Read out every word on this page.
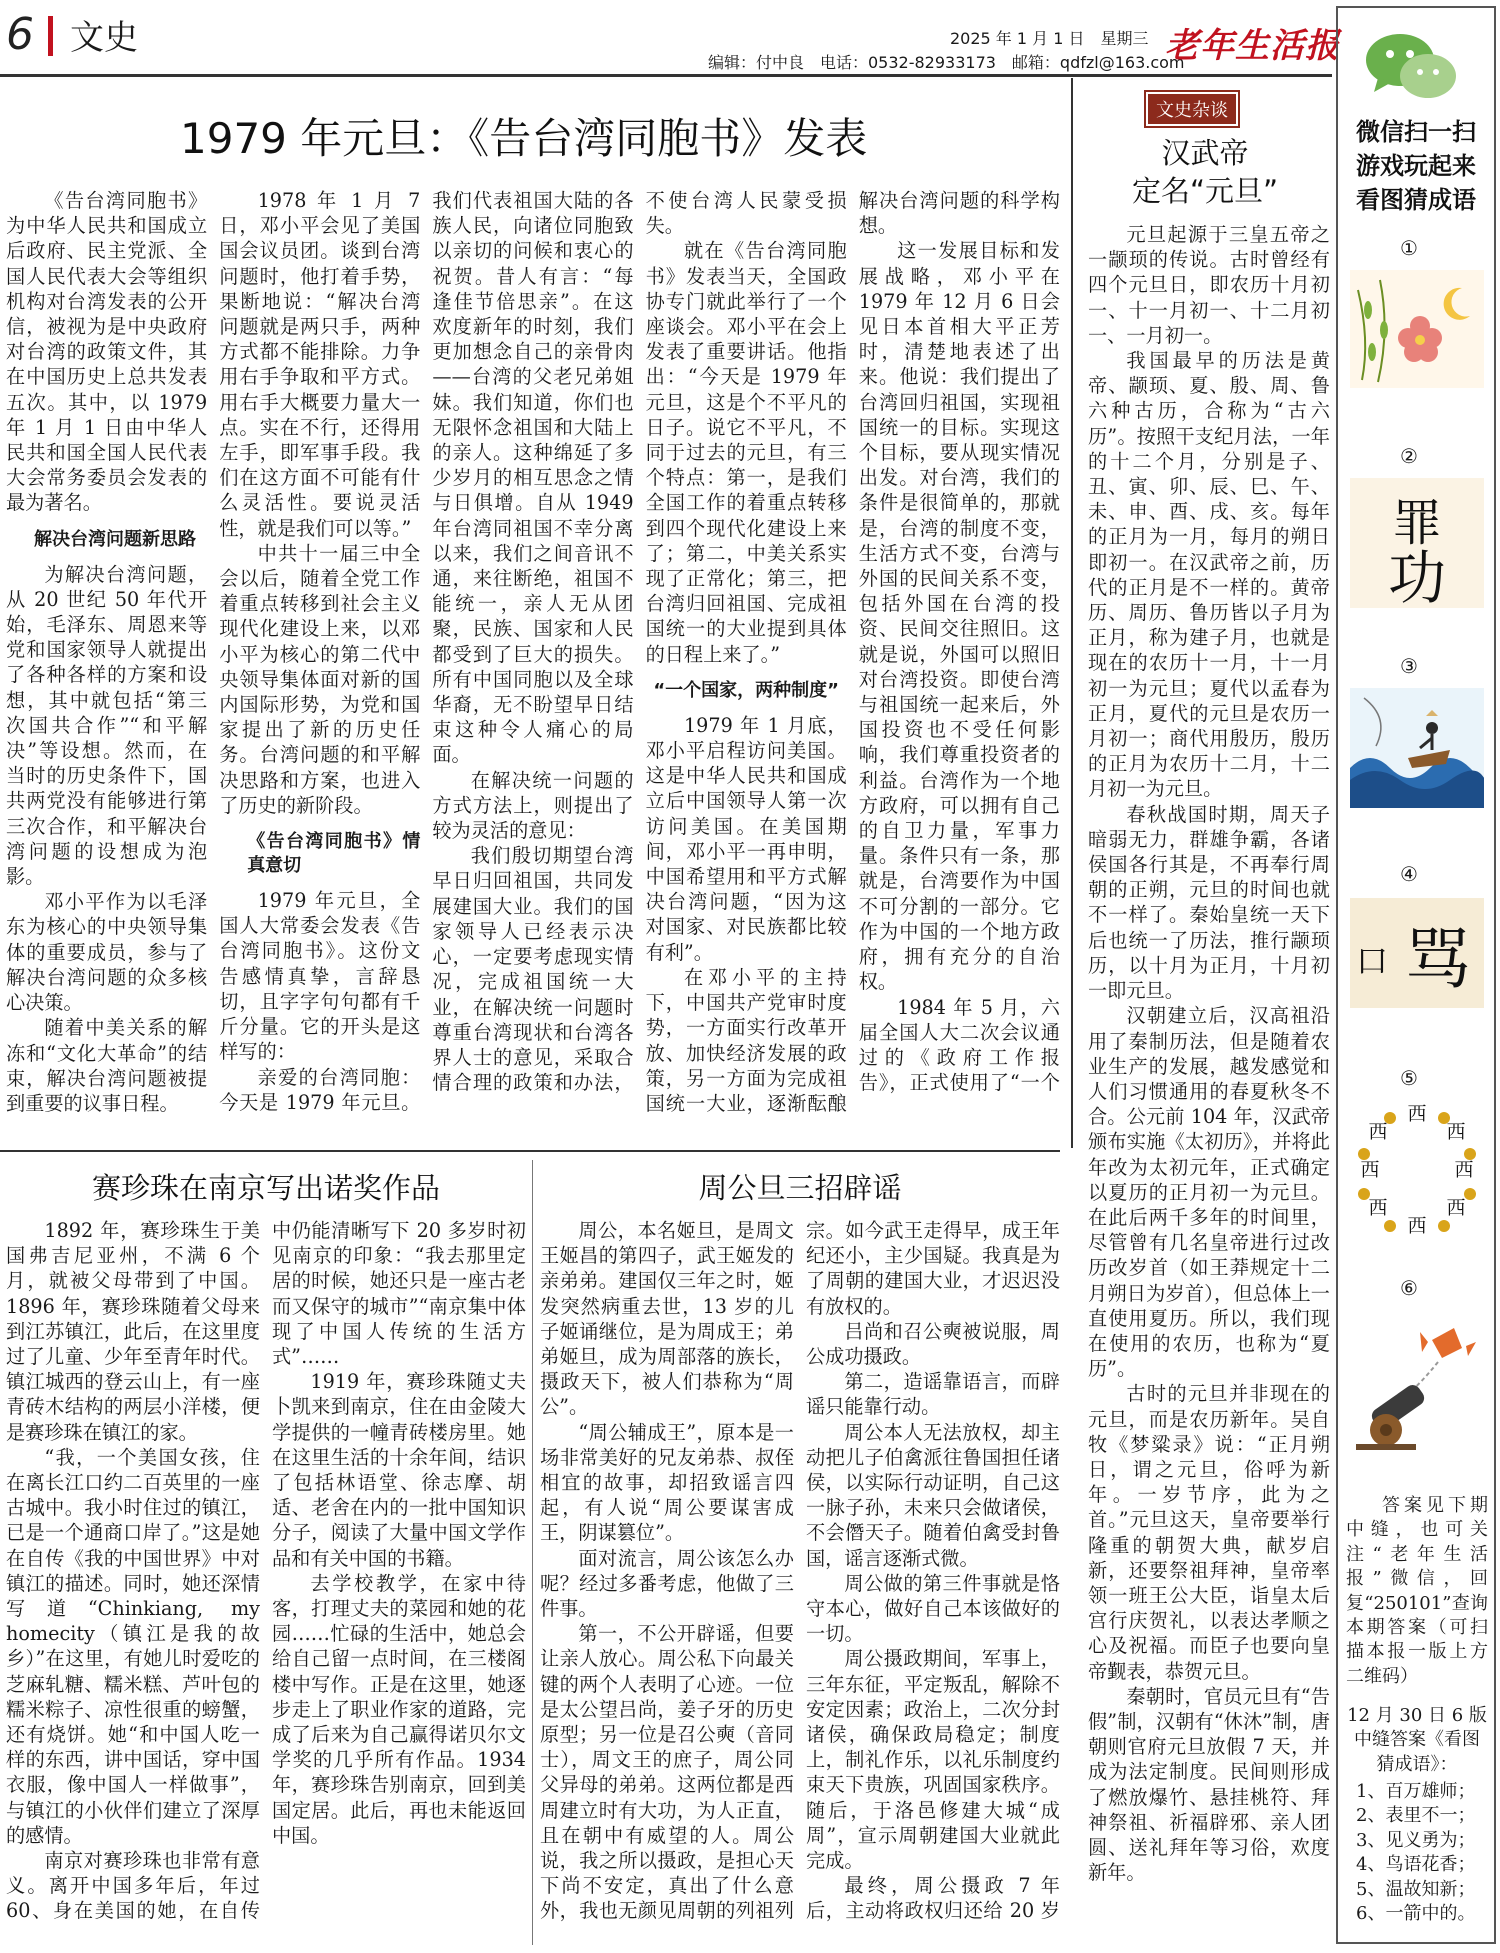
6 文史	2025 年 1 月 1 日　星期三
编辑：付中良　电话：0532-82933173　邮箱：qdfzl@163.com
老年生活报
1979 年元旦：《告台湾同胞书》发表

《告台湾同胞书》为中华人民共和国成立后政府、民主党派、全国人民代表大会等组织机构对台湾发表的公开信，被视为是中央政府对台湾的政策文件，其在中国历史上总共发表五次。其中，以 1979 年 1 月 1 日由中华人民共和国全国人民代表大会常务委员会发表的最为著名。

解决台湾问题新思路

为解决台湾问题，从 20 世纪 50 年代开始，毛泽东、周恩来等党和国家领导人就提出了各种各样的方案和设想，其中就包括“第三次国共合作”“和平解决”等设想。然而，在当时的历史条件下，国共两党没有能够进行第三次合作，和平解决台湾问题的设想成为泡影。

邓小平作为以毛泽东为核心的中央领导集体的重要成员，参与了解决台湾问题的众多核心决策。

随着中美关系的解冻和“文化大革命”的结束，解决台湾问题被提到重要的议事日程。

1978 年 1 月 7 日，邓小平会见了美国国会议员团。谈到台湾问题时，他打着手势，果断地说：“解决台湾问题就是两只手，两种方式都不能排除。力争用右手争取和平方式。用右手大概要力量大一点。实在不行，还得用左手，即军事手段。我们在这方面不可能有什么灵活性。要说灵活性，就是我们可以等。”

中共十一届三中全会以后，随着全党工作着重点转移到社会主义现代化建设上来，以邓小平为核心的第二代中央领导集体面对新的国内国际形势，为党和国家提出了新的历史任务。台湾问题的和平解决思路和方案，也进入了历史的新阶段。

《告台湾同胞书》情真意切

1979 年元旦，全国人大常委会发表《告台湾同胞书》。这份文告感情真挚，言辞恳切，且字字句句都有千斤分量。它的开头是这样写的：

亲爱的台湾同胞：今天是 1979 年元旦。我们代表祖国大陆的各族人民，向诸位同胞致以亲切的问候和衷心的祝贺。昔人有言：“每逢佳节倍思亲”。在这欢度新年的时刻，我们更加想念自己的亲骨肉——台湾的父老兄弟姐妹。我们知道，你们也无限怀念祖国和大陆上的亲人。这种绵延了多少岁月的相互思念之情与日俱增。自从 1949 年台湾同祖国不幸分离以来，我们之间音讯不通，来往断绝，祖国不能统一，亲人无从团聚，民族、国家和人民都受到了巨大的损失。所有中国同胞以及全球华裔，无不盼望早日结束这种令人痛心的局面。

在解决统一问题的方式方法上，则提出了较为灵活的意见：

我们殷切期望台湾早日归回祖国，共同发展建国大业。我们的国家领导人已经表示决心，一定要考虑现实情况，完成祖国统一大业，在解决统一问题时尊重台湾现状和台湾各界人士的意见，采取合情合理的政策和办法，不使台湾人民蒙受损失。

就在《告台湾同胞书》发表当天，全国政协专门就此举行了一个座谈会。邓小平在会上发表了重要讲话。他指出：“今天是 1979 年元旦，这是个不平凡的日子。说它不平凡，不同于过去的元旦，有三个特点：第一，是我们全国工作的着重点转移到四个现代化建设上来了；第二，中美关系实现了正常化；第三，把台湾归回祖国、完成祖国统一的大业提到具体的日程上来了。”

“一个国家，两种制度”

1979 年 1 月底，邓小平启程访问美国。这是中华人民共和国成立后中国领导人第一次访问美国。在美国期间，邓小平一再申明，中国希望用和平方式解决台湾问题，“因为这对国家、对民族都比较有利”。

在邓小平的主持下，中国共产党审时度势，一方面实行改革开放、加快经济发展的政策，另一方面为完成祖国统一大业，逐渐酝酿解决台湾问题的科学构想。

这一发展目标和发展战略，邓小平在 1979 年 12 月 6 日会见日本首相大平正芳时，清楚地表述了出来。他说：我们提出了台湾回归祖国，实现祖国统一的目标。实现这个目标，要从现实情况出发。对台湾，我们的条件是很简单的，那就是，台湾的制度不变，生活方式不变，台湾与外国的民间关系不变，包括外国在台湾的投资、民间交往照旧。这就是说，外国可以照旧对台湾投资。即使台湾与祖国统一起来后，外国投资也不受任何影响，我们尊重投资者的利益。台湾作为一个地方政府，可以拥有自己的自卫力量，军事力量。条件只有一条，那就是，台湾要作为中国不可分割的一部分。它作为中国的一个地方政府，拥有充分的自治权。

1984 年 5 月，六届全国人大二次会议通过的《政府工作报告》，正式使用了“一个

文史杂谈
汉武帝
定名“元旦”

元旦起源于三皇五帝之一颛顼的传说。古时曾经有四个元旦日，即农历十月初一、十一月初一、十二月初一、一月初一。

我国最早的历法是黄帝、颛顼、夏、殷、周、鲁六种古历，合称为“古六历”。按照干支纪月法，一年的十二个月，分别是子、丑、寅、卯、辰、巳、午、未、申、酉、戌、亥。每年的正月为一月，每月的朔日即初一。在汉武帝之前，历代的正月是不一样的。黄帝历、周历、鲁历皆以子月为正月，称为建子月，也就是现在的农历十一月，十一月初一为元旦；夏代以孟春为正月，夏代的元旦是农历一月初一；商代用殷历，殷历的正月为农历十二月，十二月初一为元旦。

春秋战国时期，周天子暗弱无力，群雄争霸，各诸侯国各行其是，不再奉行周朝的正朔，元旦的时间也就不一样了。秦始皇统一天下后也统一了历法，推行颛顼历，以十月为正月，十月初一即元旦。

汉朝建立后，汉高祖沿用了秦制历法，但是随着农业生产的发展，越发感觉和人们习惯通用的春夏秋冬不合。公元前 104 年，汉武帝颁布实施《太初历》，并将此年改为太初元年，正式确定以夏历的正月初一为元旦。在此后两千多年的时间里，尽管曾有几名皇帝进行过改历改岁首（如王莽规定十二月朔日为岁首），但总体上一直使用夏历。所以，我们现在使用的农历，也称为“夏历”。

古时的元旦并非现在的元旦，而是农历新年。吴自牧《梦粱录》说：“正月朔日，谓之元旦，俗呼为新年。一岁节序，此为之首。”元旦这天，皇帝要举行隆重的朝贺大典，献岁启新，还要祭祖拜神，皇帝率领一班王公大臣，诣皇太后宫行庆贺礼，以表达孝顺之心及祝福。而臣子也要向皇帝觐表，恭贺元旦。

秦朝时，官员元旦有“告假”制，汉朝有“休沐”制，唐朝则官府元旦放假 7 天，并成为法定制度。民间则形成了燃放爆竹、悬挂桃符、拜神祭祖、祈福辟邪、亲人团圆、送礼拜年等习俗，欢度新年。

微信扫一扫
游戏玩起来
看图猜成语
①
②
罪
功
③
④
口 骂
⑤
西
西	西
西	西
西	西
西
⑥
答案见下期中缝，也可关注“老年生活报”微信，回复“250101”查询本期答案（可扫描本报一版上方二维码）
12 月 30 日 6 版中缝答案《看图猜成语》：
1、百万雄师；
2、表里不一；
3、见义勇为；
4、鸟语花香；
5、温故知新；
6、一箭中的。
赛珍珠在南京写出诺奖作品

1892 年，赛珍珠生于美国弗吉尼亚州，不满 6 个月，就被父母带到了中国。1896 年，赛珍珠随着父母来到江苏镇江，此后，在这里度过了儿童、少年至青年时代。镇江城西的登云山上，有一座青砖木结构的两层小洋楼，便是赛珍珠在镇江的家。

“我，一个美国女孩，住在离长江口约二百英里的一座古城中。我小时住过的镇江，已是一个通商口岸了。”这是她在自传《我的中国世界》中对镇江的描述。同时，她还深情写道“Chinkiang, my homecity（镇江是我的故乡）”在这里，有她儿时爱吃的芝麻轧糖、糯米糕、芦叶包的糯米粽子、凉性很重的螃蟹，还有烧饼。她“和中国人吃一样的东西，讲中国话，穿中国衣服，像中国人一样做事”，与镇江的小伙伴们建立了深厚的感情。

南京对赛珍珠也非常有意义。离开中国多年后，年过 60、身在美国的她，在自传中仍能清晰写下 20 多岁时初见南京的印象：“我去那里定居的时候，她还只是一座古老而又保守的城市”“南京集中体现了中国人传统的生活方式”……

1919 年，赛珍珠随丈夫卜凯来到南京，住在由金陵大学提供的一幢青砖楼房里。她在这里生活的十余年间，结识了包括林语堂、徐志摩、胡适、老舍在内的一批中国知识分子，阅读了大量中国文学作品和有关中国的书籍。

去学校教学，在家中待客，打理丈夫的菜园和她的花园……忙碌的生活中，她总会给自己留一点时间，在三楼阁楼中写作。正是在这里，她逐步走上了职业作家的道路，完成了后来为自己赢得诺贝尔文学奖的几乎所有作品。1934 年，赛珍珠告别南京，回到美国定居。此后，再也未能返回中国。

周公旦三招辟谣

周公，本名姬旦，是周文王姬昌的第四子，武王姬发的亲弟弟。建国仅三年之时，姬发突然病重去世，13 岁的儿子姬诵继位，是为周成王；弟弟姬旦，成为周部落的族长，摄政天下，被人们恭称为“周公”。

“周公辅成王”，原本是一场非常美好的兄友弟恭、叔侄相宜的故事，却招致谣言四起，有人说“周公要谋害成王，阴谋篡位”。

面对流言，周公该怎么办呢？经过多番考虑，他做了三件事。

第一，不公开辟谣，但要让亲人放心。周公私下向最关键的两个人表明了心迹。一位是太公望吕尚，姜子牙的历史原型；另一位是召公奭（音同士），周文王的庶子，周公同父异母的弟弟。这两位都是西周建立时有大功，为人正直，且在朝中有威望的人。周公说，我之所以摄政，是担心天下尚不安定，真出了什么意外，我也无颜见周朝的列祖列宗。如今武王走得早，成王年纪还小，主少国疑。我真是为了周朝的建国大业，才迟迟没有放权的。

吕尚和召公奭被说服，周公成功摄政。

第二，造谣靠语言，而辟谣只能靠行动。

周公本人无法放权，却主动把儿子伯禽派往鲁国担任诸侯，以实际行动证明，自己这一脉子孙，未来只会做诸侯，不会僭天子。随着伯禽受封鲁国，谣言逐渐式微。

周公做的第三件事就是恪守本心，做好自己本该做好的一切。

周公摄政期间，军事上，三年东征，平定叛乱，解除不安定因素；政治上，二次分封诸侯，确保政局稳定；制度上，制礼作乐，以礼乐制度约束天下贵族，巩固国家秩序。随后，于洛邑修建大城“成周”，宣示周朝建国大业就此完成。

最终，周公摄政 7 年后，主动将政权归还给 20 岁
